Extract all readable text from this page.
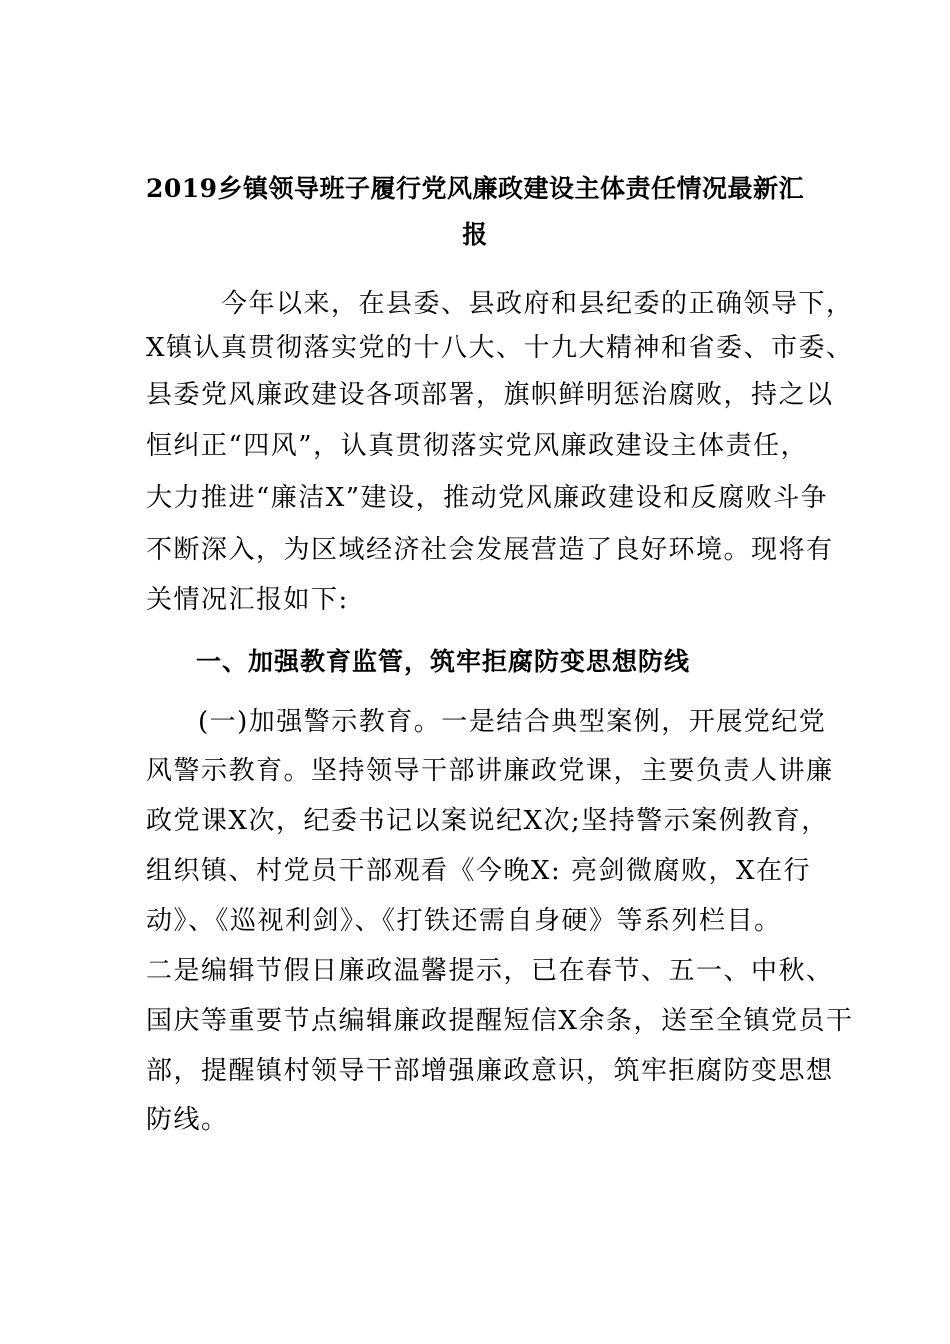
2019乡镇领导班子履行党风廉政建设主体责任情况最新汇
报
今年以来，在县委、县政府和县纪委的正确领导下，
X镇认真贯彻落实党的十八大、十九大精神和省委、市委、
县委党风廉政建设各项部署，旗帜鲜明惩治腐败，持之以
恒纠正“四风”，认真贯彻落实党风廉政建设主体责任，
大力推进“廉洁X”建设，推动党风廉政建设和反腐败斗争
不断深入，为区域经济社会发展营造了良好环境。现将有
关情况汇报如下:
一、加强教育监管，筑牢拒腐防变思想防线
(一)加强警示教育。一是结合典型案例，开展党纪党
风警示教育。坚持领导干部讲廉政党课，主要负责人讲廉
政党课X次，纪委书记以案说纪X次;坚持警示案例教育，
组织镇、村党员干部观看《今晚X: 亮剑微腐败，X在行
动》、《巡视利剑》、《打铁还需自身硬》等系列栏目。
二是编辑节假日廉政温馨提示，已在春节、五一、中秋、
国庆等重要节点编辑廉政提醒短信X余条，送至全镇党员干
部，提醒镇村领导干部增强廉政意识，筑牢拒腐防变思想
防线。
